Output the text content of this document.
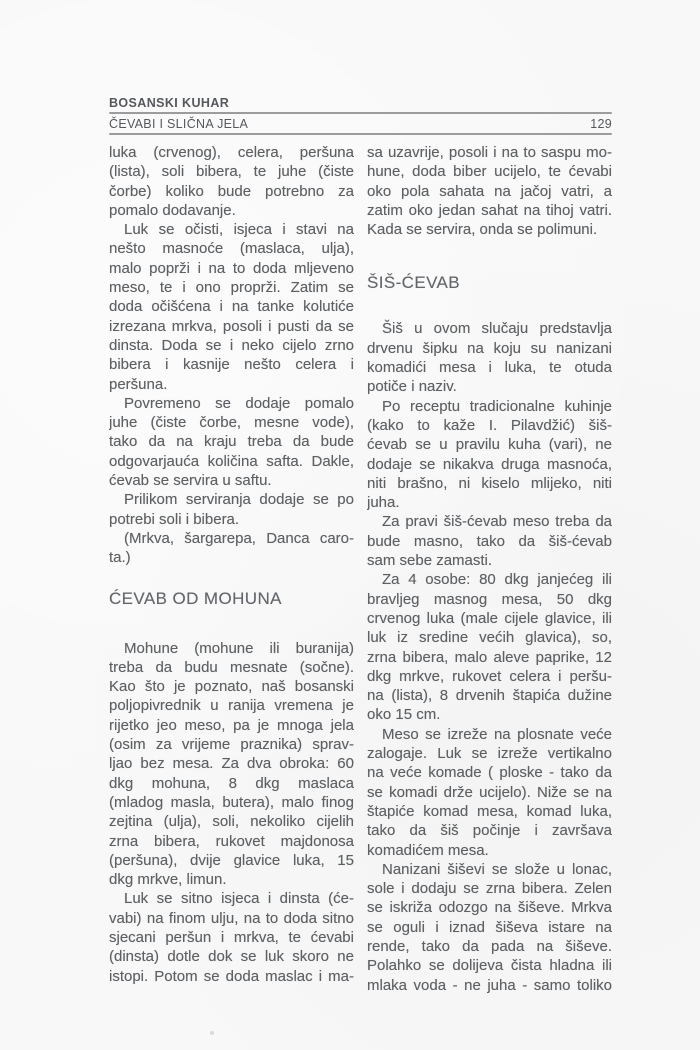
BOSANSKI KUHAR
ČEVABI I SLIČNA JELA	129
luka (crvenog), celera, peršuna
(lista), soli bibera, te juhe (čiste
čorbe) koliko bude potrebno za
pomalo dodavanje.
Luk se očisti, isjeca i stavi na
nešto masnoće (maslaca, ulja),
malo poprži i na to doda mljeveno
meso, te i ono proprži. Zatim se
doda očišćena i na tanke kolutiće
izrezana mrkva, posoli i pusti da se
dinsta. Doda se i neko cijelo zrno
bibera i kasnije nešto celera i
peršuna.
Povremeno se dodaje pomalo
juhe (čiste čorbe, mesne vode),
tako da na kraju treba da bude
odgovarjauća količina safta. Dakle,
ćevab se servira u saftu.
Prilikom serviranja dodaje se po
potrebi soli i bibera.
(Mrkva, šargarepa, Danca caro-
ta.)
ĆEVAB OD MOHUNA
Mohune (mohune ili buranija)
treba da budu mesnate (sočne).
Kao što je poznato, naš bosanski
poljopivrednik u ranija vremena je
rijetko jeo meso, pa je mnoga jela
(osim za vrijeme praznika) sprav-
ljao bez mesa. Za dva obroka: 60
dkg mohuna, 8 dkg maslaca
(mladog masla, butera), malo finog
zejtina (ulja), soli, nekoliko cijelih
zrna bibera, rukovet majdonosa
(peršuna), dvije glavice luka, 15
dkg mrkve, limun.
Luk se sitno isjeca i dinsta (će-
vabi) na finom ulju, na to doda sitno
sjecani peršun i mrkva, te ćevabi
(dinsta) dotle dok se luk skoro ne
istopi. Potom se doda maslac i ma-
sa uzavrije, posoli i na to saspu mo-
hune, doda biber ucijelo, te ćevabi
oko pola sahata na jačoj vatri, a
zatim oko jedan sahat na tihoj vatri.
Kada se servira, onda se polimuni.
ŠIŠ-ĆEVAB
Šiš u ovom slučaju predstavlja
drvenu šipku na koju su nanizani
komadići mesa i luka, te otuda
potiče i naziv.
Po receptu tradicionalne kuhinje
(kako to kaže I. Pilavdžić) šiš-
ćevab se u pravilu kuha (vari), ne
dodaje se nikakva druga masnoća,
niti brašno, ni kiselo mlijeko, niti
juha.
Za pravi šiš-ćevab meso treba da
bude masno, tako da šiš-ćevab
sam sebe zamasti.
Za 4 osobe: 80 dkg janjećeg ili
bravljeg masnog mesa, 50 dkg
crvenog luka (male cijele glavice, ili
luk iz sredine većih glavica), so,
zrna bibera, malo aleve paprike, 12
dkg mrkve, rukovet celera i peršu-
na (lista), 8 drvenih štapića dužine
oko 15 cm.
Meso se izreže na plosnate veće
zalogaje. Luk se izreže vertikalno
na veće komade ( ploske - tako da
se komadi drže ucijelo). Niže se na
štapiće komad mesa, komad luka,
tako da šiš počinje i završava
komadićem mesa.
Nanizani šiševi se slože u lonac,
sole i dodaju se zrna bibera. Zelen
se iskriža odozgo na šiševe. Mrkva
se oguli i iznad šiševa istare na
rende, tako da pada na šiševe.
Polahko se dolijeva čista hladna ili
mlaka voda - ne juha - samo toliko
